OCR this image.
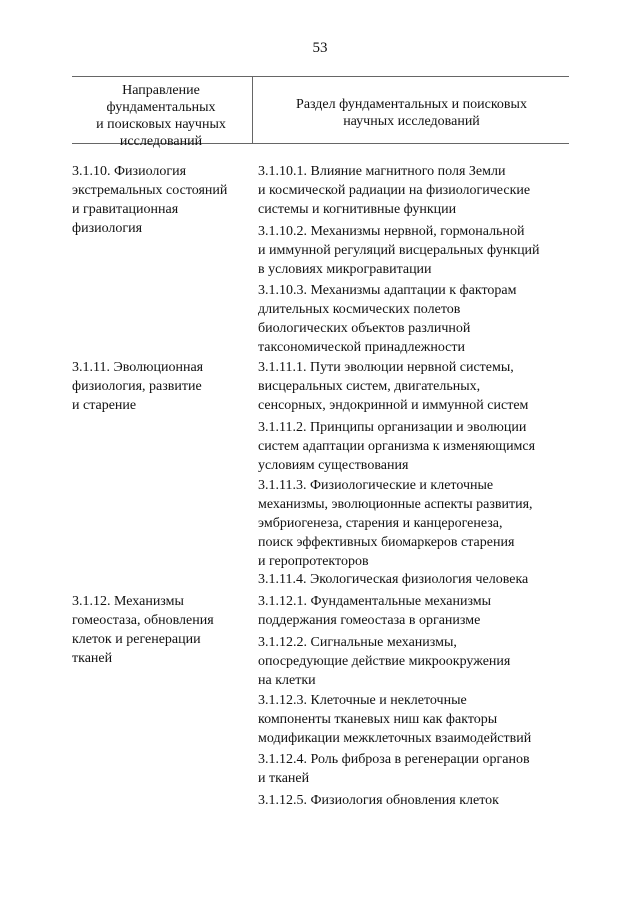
53
Направление
фундаментальных
и поисковых научных
исследований
Раздел фундаментальных и поисковых
научных исследований
3.1.10. Физиология
экстремальных состояний
и гравитационная
физиология
3.1.11. Эволюционная
физиология, развитие
и старение
3.1.12. Механизмы
гомеостаза, обновления
клеток и регенерации
тканей
3.1.10.1. Влияние магнитного поля Земли
и космической радиации на физиологические
системы и когнитивные функции
3.1.10.2. Механизмы нервной, гормональной
и иммунной регуляций висцеральных функций
в условиях микрогравитации
3.1.10.3. Механизмы адаптации к факторам
длительных космических полетов
биологических объектов различной
таксономической принадлежности
3.1.11.1. Пути эволюции нервной системы,
висцеральных систем, двигательных,
сенсорных, эндокринной и иммунной систем
3.1.11.2. Принципы организации и эволюции
систем адаптации организма к изменяющимся
условиям существования
3.1.11.3. Физиологические и клеточные
механизмы, эволюционные аспекты развития,
эмбриогенеза, старения и канцерогенеза,
поиск эффективных биомаркеров старения
и геропротекторов
3.1.11.4. Экологическая физиология человека
3.1.12.1. Фундаментальные механизмы
поддержания гомеостаза в организме
3.1.12.2. Сигнальные механизмы,
опосредующие действие микроокружения
на клетки
3.1.12.3. Клеточные и неклеточные
компоненты тканевых ниш как факторы
модификации межклеточных взаимодействий
3.1.12.4. Роль фиброза в регенерации органов
и тканей
3.1.12.5. Физиология обновления клеток
